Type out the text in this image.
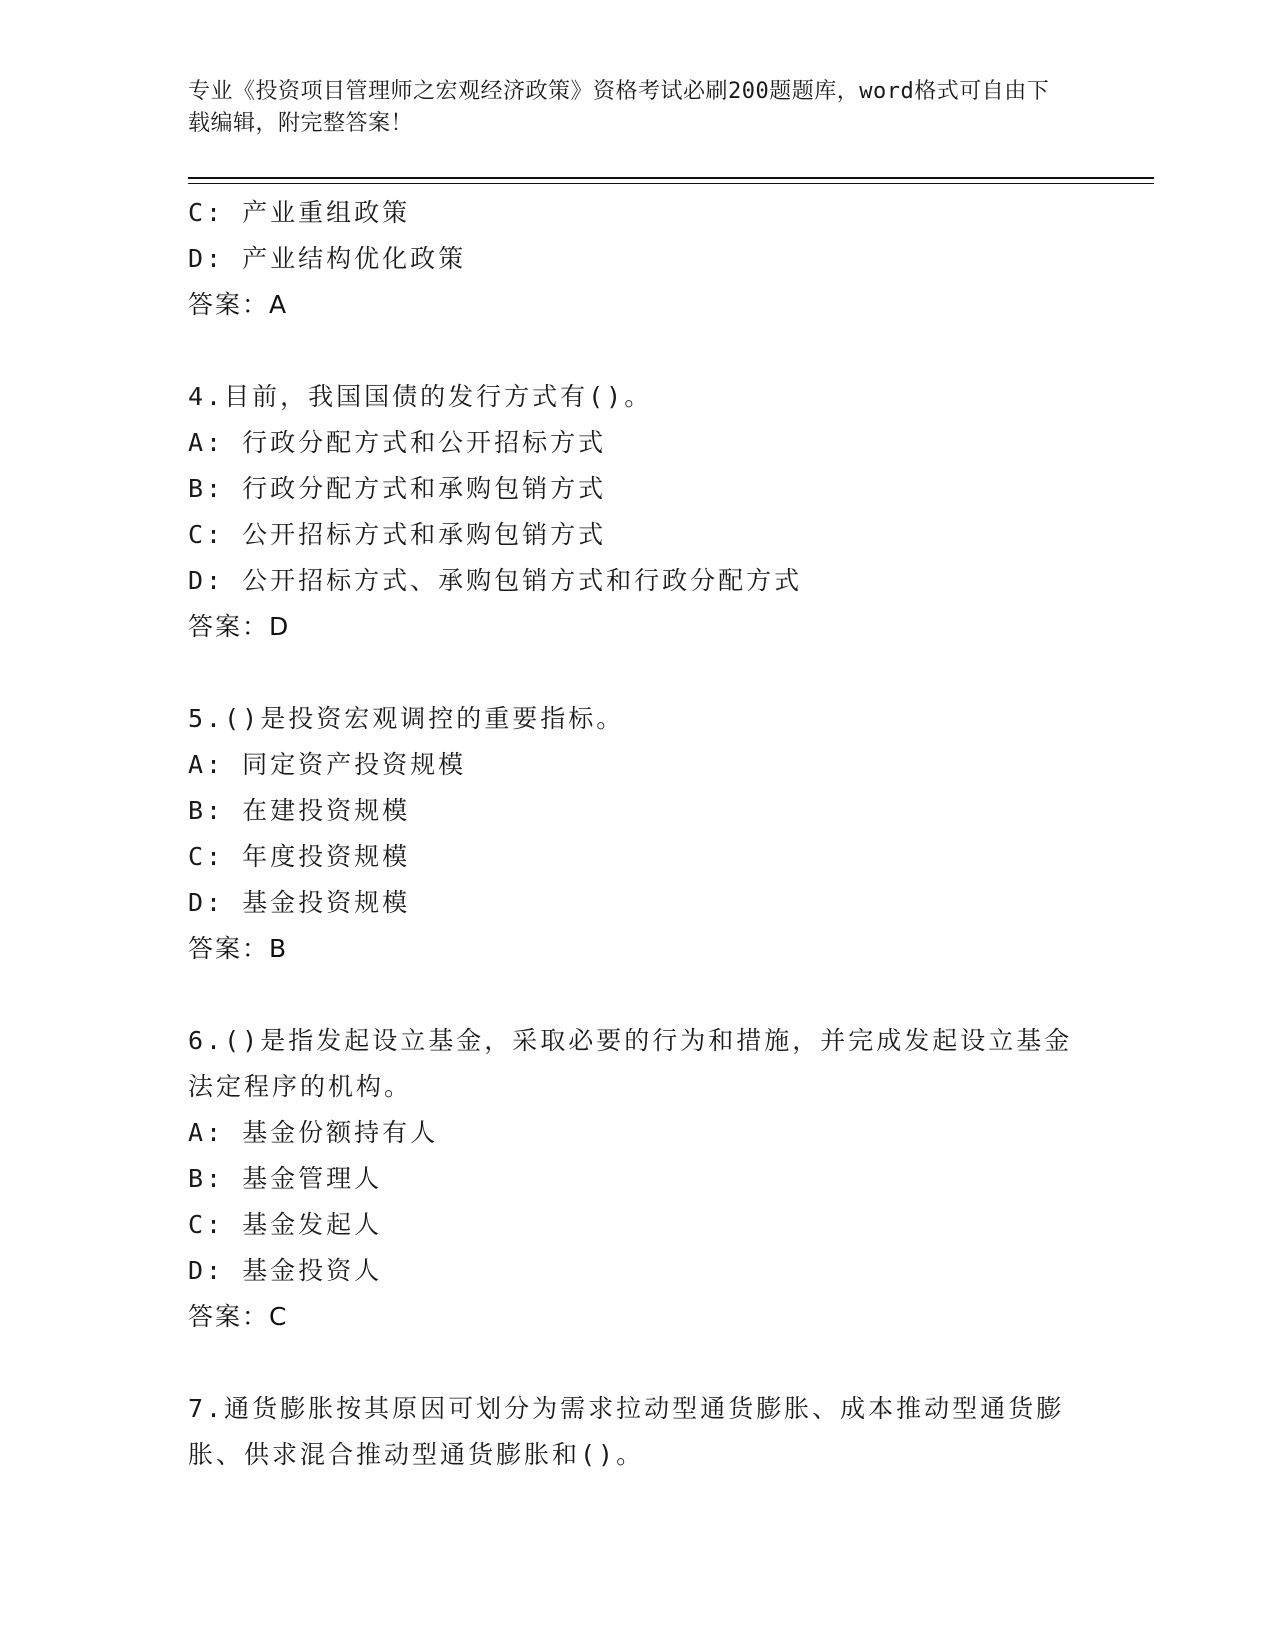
专业《投资项目管理师之宏观经济政策》资格考试必刷200题题库，word格式可自由下载编辑，附完整答案！
C: 产业重组政策
D: 产业结构优化政策
答案：A
4.目前，我国国债的发行方式有()。
A: 行政分配方式和公开招标方式
B: 行政分配方式和承购包销方式
C: 公开招标方式和承购包销方式
D: 公开招标方式、承购包销方式和行政分配方式
答案：D
5.()是投资宏观调控的重要指标。
A: 同定资产投资规模
B: 在建投资规模
C: 年度投资规模
D: 基金投资规模
答案：B
6.()是指发起设立基金，采取必要的行为和措施，并完成发起设立基金法定程序的机构。
A: 基金份额持有人
B: 基金管理人
C: 基金发起人
D: 基金投资人
答案：C
7.通货膨胀按其原因可划分为需求拉动型通货膨胀、成本推动型通货膨胀、供求混合推动型通货膨胀和()。
